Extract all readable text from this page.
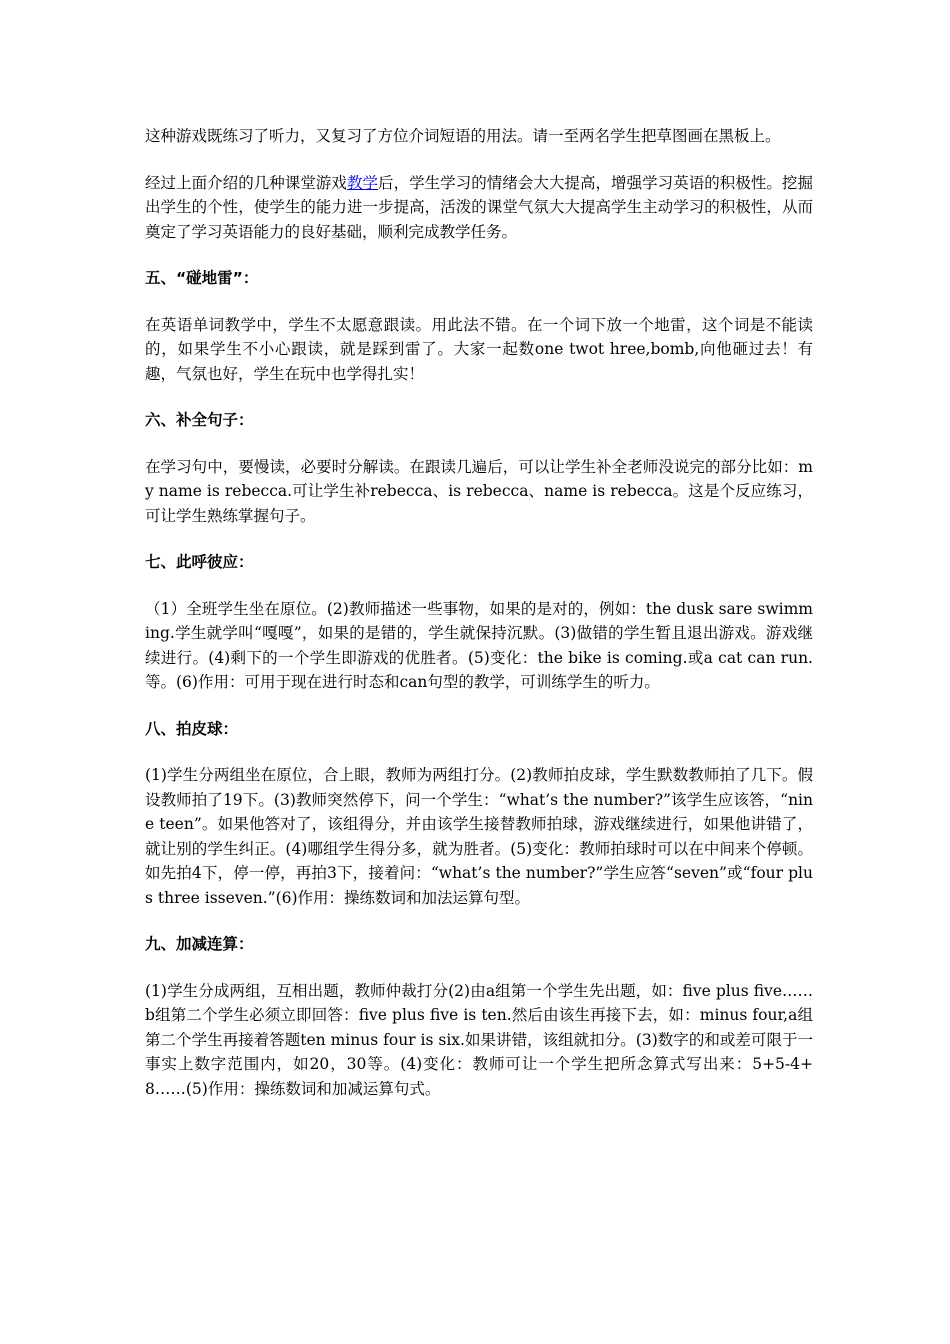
这种游戏既练习了听力，又复习了方位介词短语的用法。请一至两名学生把草图画在黑板上。

经过上面介绍的几种课堂游戏教学后，学生学习的情绪会大大提高，增强学习英语的积极性。挖掘出学生的个性，使学生的能力进一步提高，活泼的课堂气氛大大提高学生主动学习的积极性，从而奠定了学习英语能力的良好基础，顺利完成教学任务。

五、“碰地雷”：

在英语单词教学中，学生不太愿意跟读。用此法不错。在一个词下放一个地雷，这个词是不能读的，如果学生不小心跟读，就是踩到雷了。大家一起数one twot hree,bomb,向他砸过去！有趣，气氛也好，学生在玩中也学得扎实！

六、补全句子：

在学习句中，要慢读，必要时分解读。在跟读几遍后，可以让学生补全老师没说完的部分比如：my name is rebecca.可让学生补rebecca、is rebecca、name is rebecca。这是个反应练习，可让学生熟练掌握句子。

七、此呼彼应：

（1）全班学生坐在原位。(2)教师描述一些事物，如果的是对的，例如：the dusk sare swimming.学生就学叫“嘎嘎”，如果的是错的，学生就保持沉默。(3)做错的学生暂且退出游戏。游戏继续进行。(4)剩下的一个学生即游戏的优胜者。(5)变化：the bike is coming.或a cat can run.等。(6)作用：可用于现在进行时态和can句型的教学，可训练学生的听力。

八、拍皮球：

(1)学生分两组坐在原位，合上眼，教师为两组打分。(2)教师拍皮球，学生默数教师拍了几下。假设教师拍了19下。(3)教师突然停下，问一个学生：“what’s the number?”该学生应该答，“nine teen”。如果他答对了，该组得分，并由该学生接替教师拍球，游戏继续进行，如果他讲错了，就让别的学生纠正。(4)哪组学生得分多，就为胜者。(5)变化：教师拍球时可以在中间来个停顿。如先拍4下，停一停，再拍3下，接着问：“what’s the number?”学生应答“seven”或“four plus three isseven.”(6)作用：操练数词和加法运算句型。

九、加减连算：

(1)学生分成两组，互相出题，教师仲裁打分(2)由a组第一个学生先出题，如：five plus five……b组第二个学生必须立即回答：five plus five is ten.然后由该生再接下去，如：minus four,a组第二个学生再接着答题ten minus four is six.如果讲错，该组就扣分。(3)数字的和或差可限于一事实上数字范围内，如20，30等。(4)变化：教师可让一个学生把所念算式写出来：5+5-4+8……(5)作用：操练数词和加减运算句式。
